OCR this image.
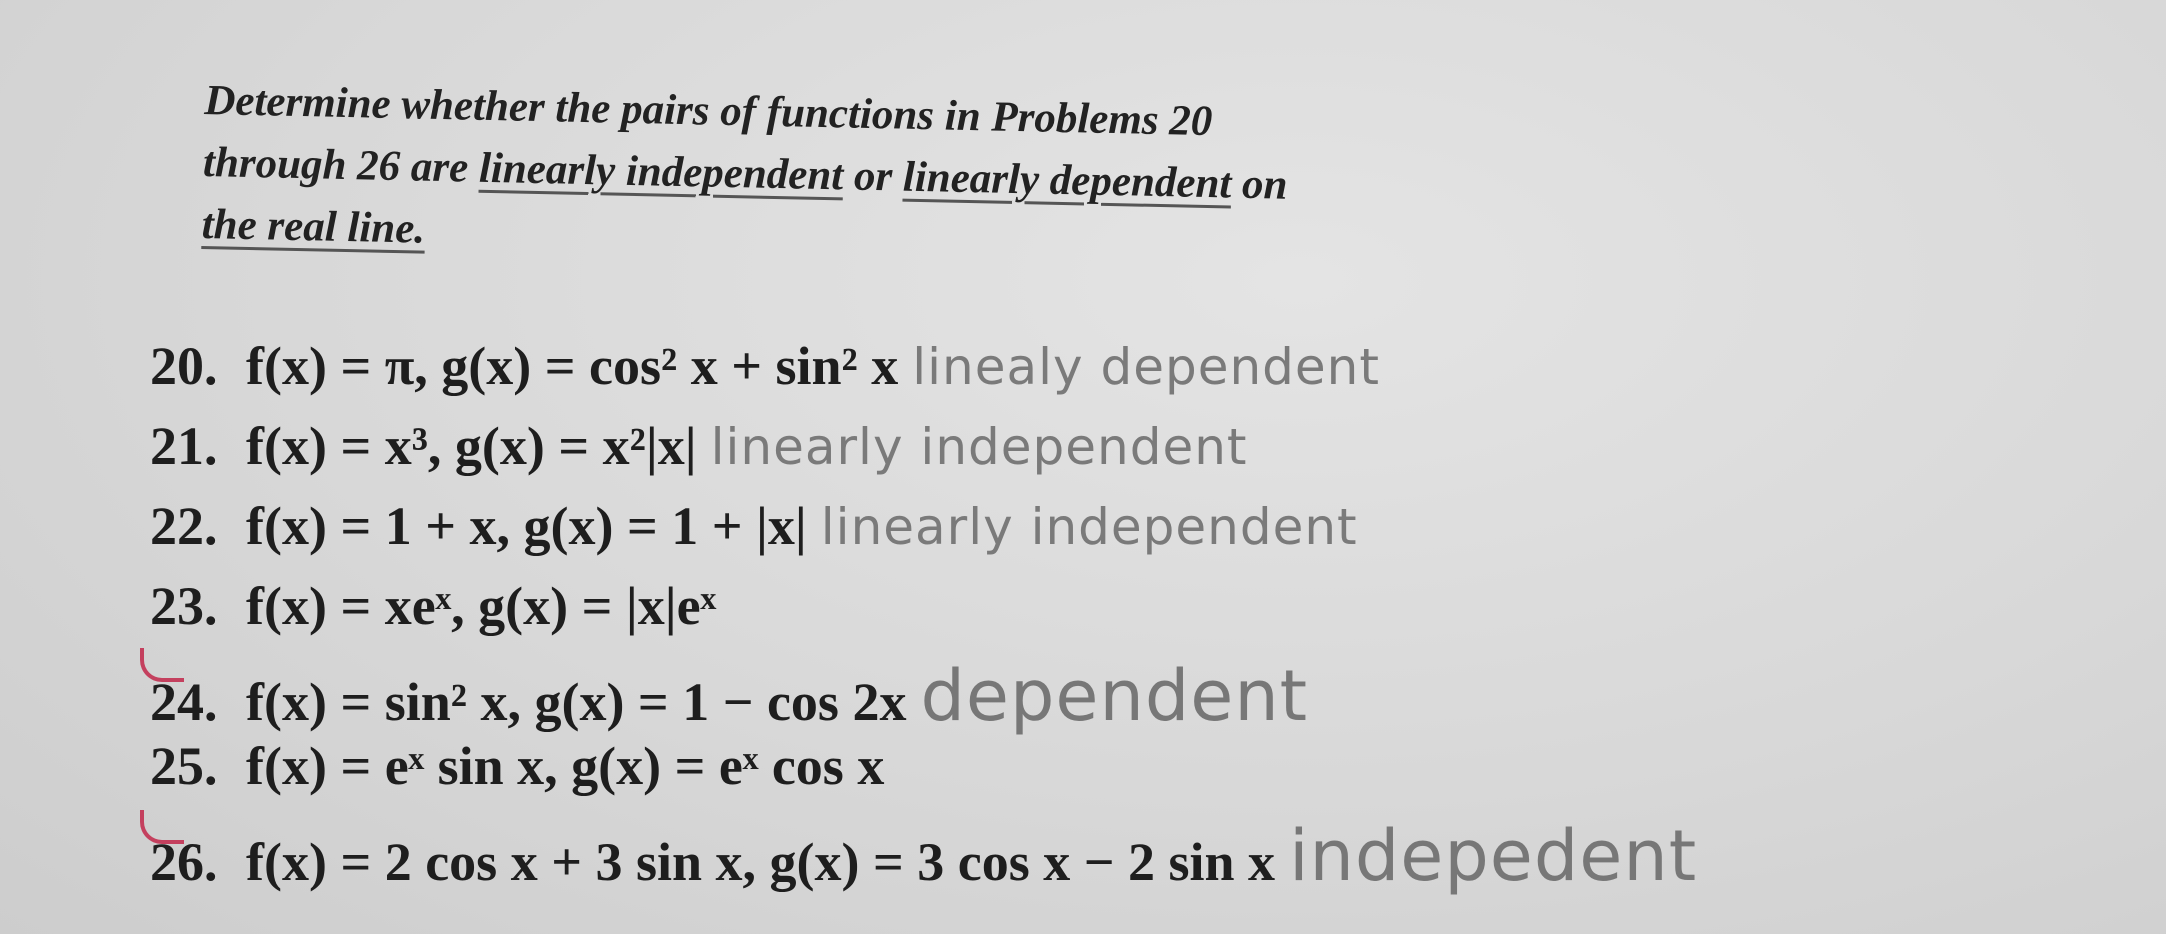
Determine whether the pairs of functions in Problems 20
through 26 are linearly independent or linearly dependent on
the real line.
20. f(x) = π, g(x) = cos² x + sin² x linealy dependent
21. f(x) = x³, g(x) = x²|x| linearly independent
22. f(x) = 1 + x, g(x) = 1 + |x| linearly independent
23. f(x) = xeˣ, g(x) = |x|eˣ
24. f(x) = sin² x, g(x) = 1 − cos 2x dependent
25. f(x) = eˣ sin x, g(x) = eˣ cos x
26. f(x) = 2 cos x + 3 sin x, g(x) = 3 cos x − 2 sin x indepedent
